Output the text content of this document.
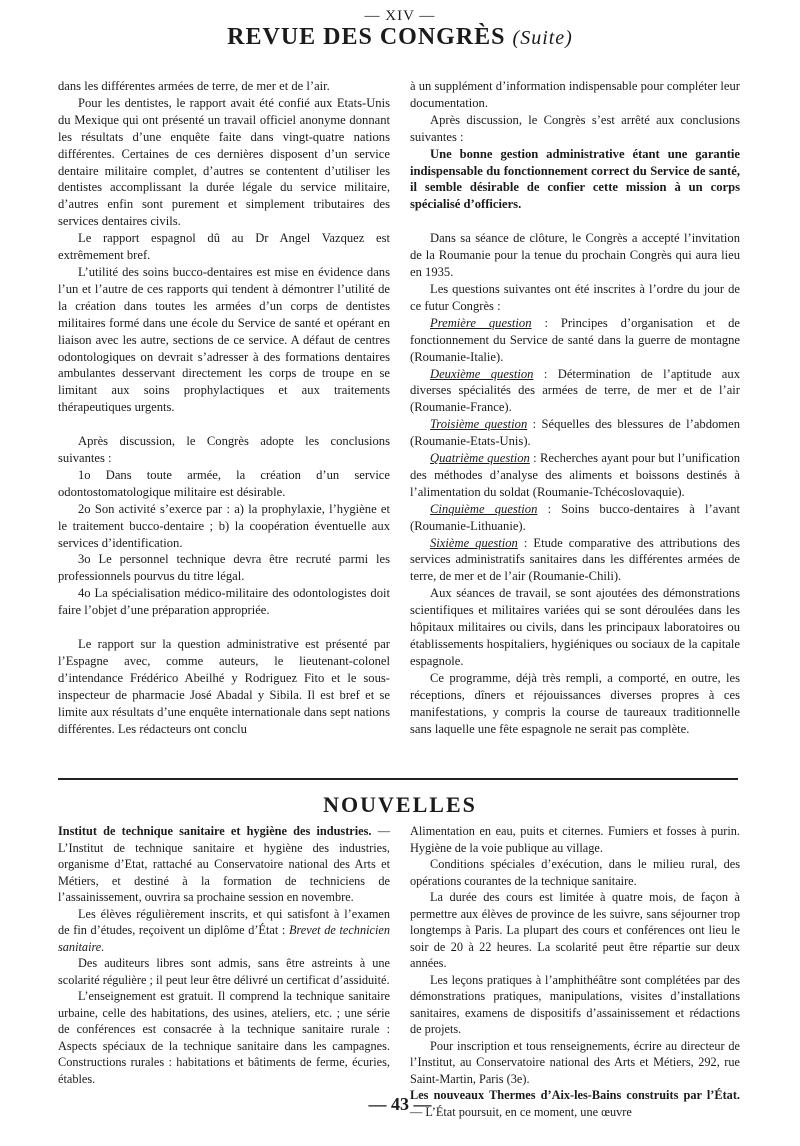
— XIV —
REVUE DES CONGRÈS (Suite)

dans les différentes armées de terre, de mer et de l’air.

Pour les dentistes, le rapport avait été confié aux Etats-Unis du Mexique qui ont présenté un travail officiel anonyme donnant les résultats d’une enquête faite dans vingt-quatre nations différentes. Certaines de ces dernières disposent d’un service dentaire militaire complet, d’autres se contentent d’utiliser les dentistes accomplissant la durée légale du service militaire, d’autres enfin sont purement et simplement tributaires des services dentaires civils.

Le rapport espagnol dû au Dr Angel Vazquez est extrêmement bref.

L’utilité des soins bucco-dentaires est mise en évidence dans l’un et l’autre de ces rapports qui tendent à démontrer l’utilité de la création dans toutes les armées d’un corps de dentistes militaires formé dans une école du Service de santé et opérant en liaison avec les autre, sections de ce service. A défaut de centres odontologiques on devrait s’adresser à des formations dentaires ambulantes desservant directement les corps de troupe en se limitant aux soins prophylactiques et aux traitements thérapeutiques urgents.

Après discussion, le Congrès adopte les conclusions suivantes :

1o Dans toute armée, la création d’un service odontostomatologique militaire est désirable.

2o Son activité s’exerce par : a) la prophylaxie, l’hygiène et le traitement bucco-dentaire ; b) la coopération éventuelle aux services d’identification.

3o Le personnel technique devra être recruté parmi les professionnels pourvus du titre légal.

4o La spécialisation médico-militaire des odontologistes doit faire l’objet d’une préparation appropriée.

Le rapport sur la question administrative est présenté par l’Espagne avec, comme auteurs, le lieutenant-colonel d’intendance Frédérico Abeilhé y Rodriguez Fito et le sous-inspecteur de pharmacie José Abadal y Sibila. Il est bref et se limite aux résultats d’une enquête internationale dans sept nations différentes. Les rédacteurs ont conclu

à un supplément d’information indispensable pour compléter leur documentation.

Après discussion, le Congrès s’est arrêté aux conclusions suivantes :

Une bonne gestion administrative étant une garantie indispensable du fonctionnement correct du Service de santé, il semble désirable de confier cette mission à un corps spécialisé d’officiers.

Dans sa séance de clôture, le Congrès a accepté l’invitation de la Roumanie pour la tenue du prochain Congrès qui aura lieu en 1935.

Les questions suivantes ont été inscrites à l’ordre du jour de ce futur Congrès :

Première question : Principes d’organisation et de fonctionnement du Service de santé dans la guerre de montagne (Roumanie-Italie).

Deuxième question : Détermination de l’aptitude aux diverses spécialités des armées de terre, de mer et de l’air (Roumanie-France).

Troisième question : Séquelles des blessures de l’abdomen (Roumanie-Etats-Unis).

Quatrième question : Recherches ayant pour but l’unification des méthodes d’analyse des aliments et boissons destinés à l’alimentation du soldat (Roumanie-Tchécoslovaquie).

Cinquième question : Soins bucco-dentaires à l’avant (Roumanie-Lithuanie).

Sixième question : Etude comparative des attributions des services administratifs sanitaires dans les différentes armées de terre, de mer et de l’air (Roumanie-Chili).

Aux séances de travail, se sont ajoutées des démonstrations scientifiques et militaires variées qui se sont déroulées dans les hôpitaux militaires ou civils, dans les principaux laboratoires ou établissements hospitaliers, hygiéniques ou sociaux de la capitale espagnole.

Ce programme, déjà très rempli, a comporté, en outre, les réceptions, dîners et réjouissances diverses propres à ces manifestations, y compris la course de taureaux traditionnelle sans laquelle une fête espagnole ne serait pas complète.

NOUVELLES

Institut de technique sanitaire et hygiène des industries. —L’Institut de technique sanitaire et hygiène des industries, organisme d’Etat, rattaché au Conservatoire national des Arts et Métiers, et destiné à la formation de techniciens de l’assainissement, ouvrira sa prochaine session en novembre.

Les élèves régulièrement inscrits, et qui satisfont à l’examen de fin d’études, reçoivent un diplôme d’État : Brevet de technicien sanitaire.

Des auditeurs libres sont admis, sans être astreints à une scolarité régulière ; il peut leur être délivré un certificat d’assiduité.

L’enseignement est gratuit. Il comprend la technique sanitaire urbaine, celle des habitations, des usines, ateliers, etc. ; une série de conférences est consacrée à la technique sanitaire rurale : Aspects spéciaux de la technique sanitaire dans les campagnes. Constructions rurales : habitations et bâtiments de ferme, écuries, étables.

Alimentation en eau, puits et citernes. Fumiers et fosses à purin. Hygiène de la voie publique au village.

Conditions spéciales d’exécution, dans le milieu rural, des opérations courantes de la technique sanitaire.

La durée des cours est limitée à quatre mois, de façon à permettre aux élèves de province de les suivre, sans séjourner trop longtemps à Paris. La plupart des cours et conférences ont lieu le soir de 20 à 22 heures. La scolarité peut être répartie sur deux années.

Les leçons pratiques à l’amphithéâtre sont complétées par des démonstrations pratiques, manipulations, visites d’installations sanitaires, examens de dispositifs d’assainissement et rédactions de projets.

Pour inscription et tous renseignements, écrire au directeur de l’Institut, au Conservatoire national des Arts et Métiers, 292, rue Saint-Martin, Paris (3e).

Les nouveaux Thermes d’Aix-les-Bains construits par l’État. — L’État poursuit, en ce moment, une œuvre

— 43 —
